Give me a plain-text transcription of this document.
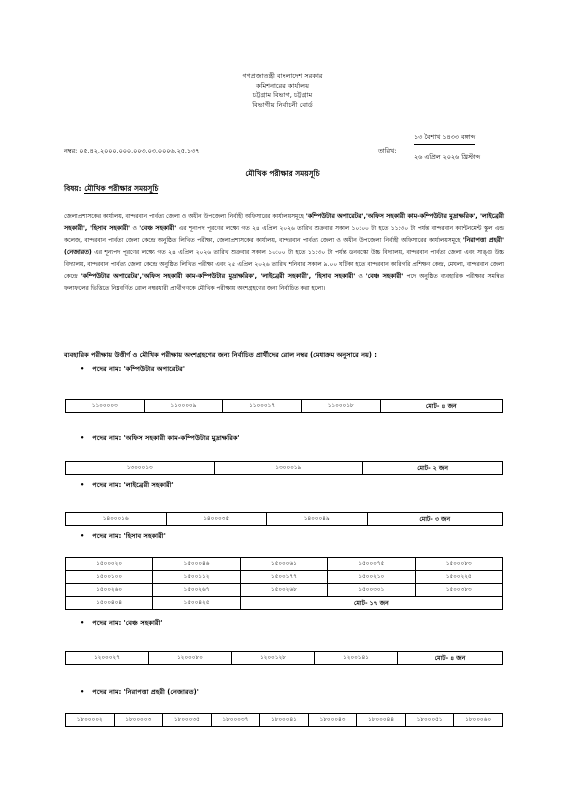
গণপ্রজাতন্ত্রী বাংলাদেশ সরকার
কমিশনারের কার্যালয়
চট্টগ্রাম বিভাগ, চট্টগ্রাম
বিভাগীয় নির্বাচনী বোর্ড
নম্বর: ০৫.৪২.২০০০.০০০.০০৩.০৩.০০০৬.২৫.১৩৭
১৩ বৈশাখ ১৪৩৩ বঙ্গাব্দ
তারিখ:
২৬ এপ্রিল ২০২৬ খ্রিস্টাব্দ
মৌখিক পরীক্ষার সময়সূচি
বিষয়: মৌখিক পরীক্ষার সময়সূচি
জেলাপ্রশাসকের কার্যালয়, বান্দরবান পার্বত্য জেলা ও অধীন উপজেলা নির্বাহী অফিসারের কার্যালয়সমূহে 'কম্পিউটার অপারেটর','অফিস সহকারী কাম-কম্পিউটার মুদ্রাক্ষরিক', 'লাইব্রেরী সহকারী', 'হিসাব সহকারী' ও 'বেঞ্চ সহকারী' এর শূন্যপদ পূরণের লক্ষ্যে গত ২৪ এপ্রিল ২০২৬ তারিখ শুক্রবার সকাল ১০:০০ টা হতে ১১:৩০ টা পর্যন্ত বান্দরবান ক্যান্টনমেন্ট স্কুল এন্ড কলেজ, বান্দরবান পার্বত্য জেলা কেন্দ্রে অনুষ্ঠিত লিখিত পরীক্ষা, জেলাপ্রশাসকের কার্যালয়, বান্দরবান পার্বত্য জেলা ও অধীন উপজেলা নির্বাহী অফিসারের কার্যালয়সমূহে 'নিরাপত্তা প্রহরী' (নেজারত) এর শূন্যপদ পূরণের লক্ষ্যে গত ২৪ এপ্রিল ২০২৬ তারিখ শুক্রবার সকাল ১০:০০ টা হতে ১১:৩০ টা পর্যন্ত ডনবস্কো উচ্চ বিদ্যালয়, বান্দরবান পার্বত্য জেলা এবং সাঙ্গু উচ্চ বিদ্যালয়, বান্দরবান পার্বত্য জেলা কেন্দ্রে অনুষ্ঠিত লিখিত পরীক্ষা এবং ২৫ এপ্রিল ২০২৬ তারিখ শনিবার সকাল ৯.০০ ঘটিকা হতে বান্দরবান কারিগরি প্রশিক্ষণ কেন্দ্র, মেঘলা, বান্দরবান জেলা কেন্দ্রে 'কম্পিউটার অপারেটর','অফিস সহকারী কাম-কম্পিউটার মুদ্রাক্ষরিক', 'লাইব্রেরী সহকারী', 'হিসাব সহকারী' ও 'বেঞ্চ সহকারী' পদে অনুষ্ঠিত ব্যবহারিক পরীক্ষার সমন্বিত ফলাফলের ভিত্তিতে নিম্নবর্ণিত রোল নম্বরধারী প্রার্থীগণকে মৌখিক পরীক্ষায় অংশগ্রহণের জন্য নির্বাচিত করা হলো।
ব্যবহারিক পরীক্ষায় উত্তীর্ণ ও মৌখিক পরীক্ষায় অংশগ্রহণের জন্য নির্বাচিত প্রার্থীদের রোল নম্বর (মেধাক্রম অনুসারে নয়) :
• পদের নাম: 'কম্পিউটার অপারেটর'
১১০০০০৩	১১০০০০৯	১১০০০১৭	১১০০০১৮	মোট- ৪ জন
• পদের নাম: 'অফিস সহকারী কাম-কম্পিউটার মুদ্রাক্ষরিক'
১৩০০০১৩	১৩০০০১৯	মোট- ২ জন
• পদের নাম: 'লাইব্রেরী সহকারী'
১৪০০০১৬	১৪০০০৩৫	১৪০০০৪৯	মোট- ৩ জন
• পদের নাম: 'হিসাব সহকারী'
১৫০০০২০	১৫০০০৪৬	১৫০০০৬১	১৫০০০৭৫	১৫০০০৮৩
১৫০০১০০	১৫০০১১২	১৫০০১৭৭	১৫০০২১০	১৫০০২২৫
১৫০০২৬০	১৫০০২৬৭	১৫০০২৬৮	১৫০০৩০১	১৫০০৩৮৩
১৫০০৪০৪	১৫০০৪২৫	মোট- ১৭ জন		
• পদের নাম: 'বেঞ্চ সহকারী'
১২০০০২৭	১২০০০৮০	১২০০১২৮	১২০০১৪১	মোট- ৪ জন
• পদের নাম: 'নিরাপত্তা প্রহরী (নেজারত)'
১৮০০০০২	১৮০০০০৩	১৮০০০৩৫	১৮০০০৩৭	১৮০০০৪১	১৮০০০৪৩	১৮০০০৪৪	১৮০০০৫১	১৮০০০৬০
